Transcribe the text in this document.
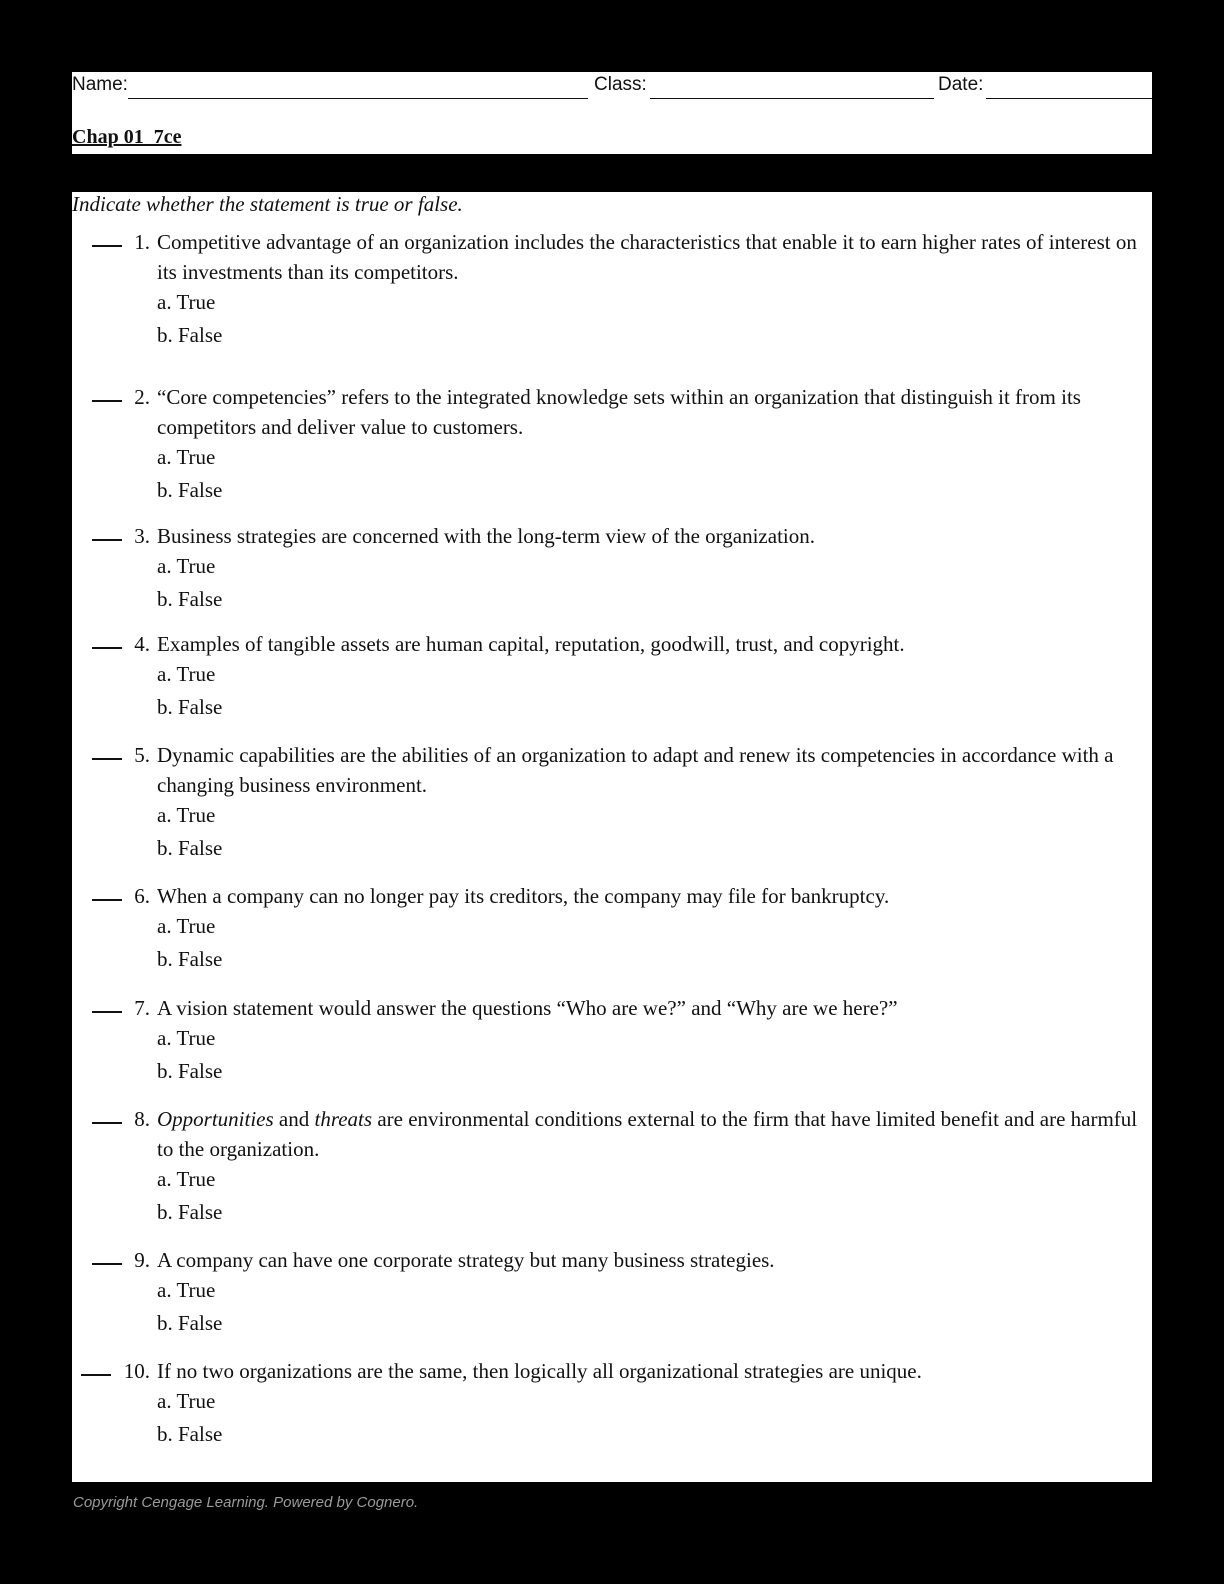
Name:	Class:	Date:
Chap 01_7ce
Indicate whether the statement is true or false.
1. Competitive advantage of an organization includes the characteristics that enable it to earn higher rates of interest on its investments than its competitors.
a. True
b. False
2. “Core competencies” refers to the integrated knowledge sets within an organization that distinguish it from its competitors and deliver value to customers.
a. True
b. False
3. Business strategies are concerned with the long-term view of the organization.
a. True
b. False
4. Examples of tangible assets are human capital, reputation, goodwill, trust, and copyright.
a. True
b. False
5. Dynamic capabilities are the abilities of an organization to adapt and renew its competencies in accordance with a changing business environment.
a. True
b. False
6. When a company can no longer pay its creditors, the company may file for bankruptcy.
a. True
b. False
7. A vision statement would answer the questions “Who are we?” and “Why are we here?”
a. True
b. False
8. Opportunities and threats are environmental conditions external to the firm that have limited benefit and are harmful to the organization.
a. True
b. False
9. A company can have one corporate strategy but many business strategies.
a. True
b. False
10. If no two organizations are the same, then logically all organizational strategies are unique.
a. True
b. False
Copyright Cengage Learning. Powered by Cognero.
